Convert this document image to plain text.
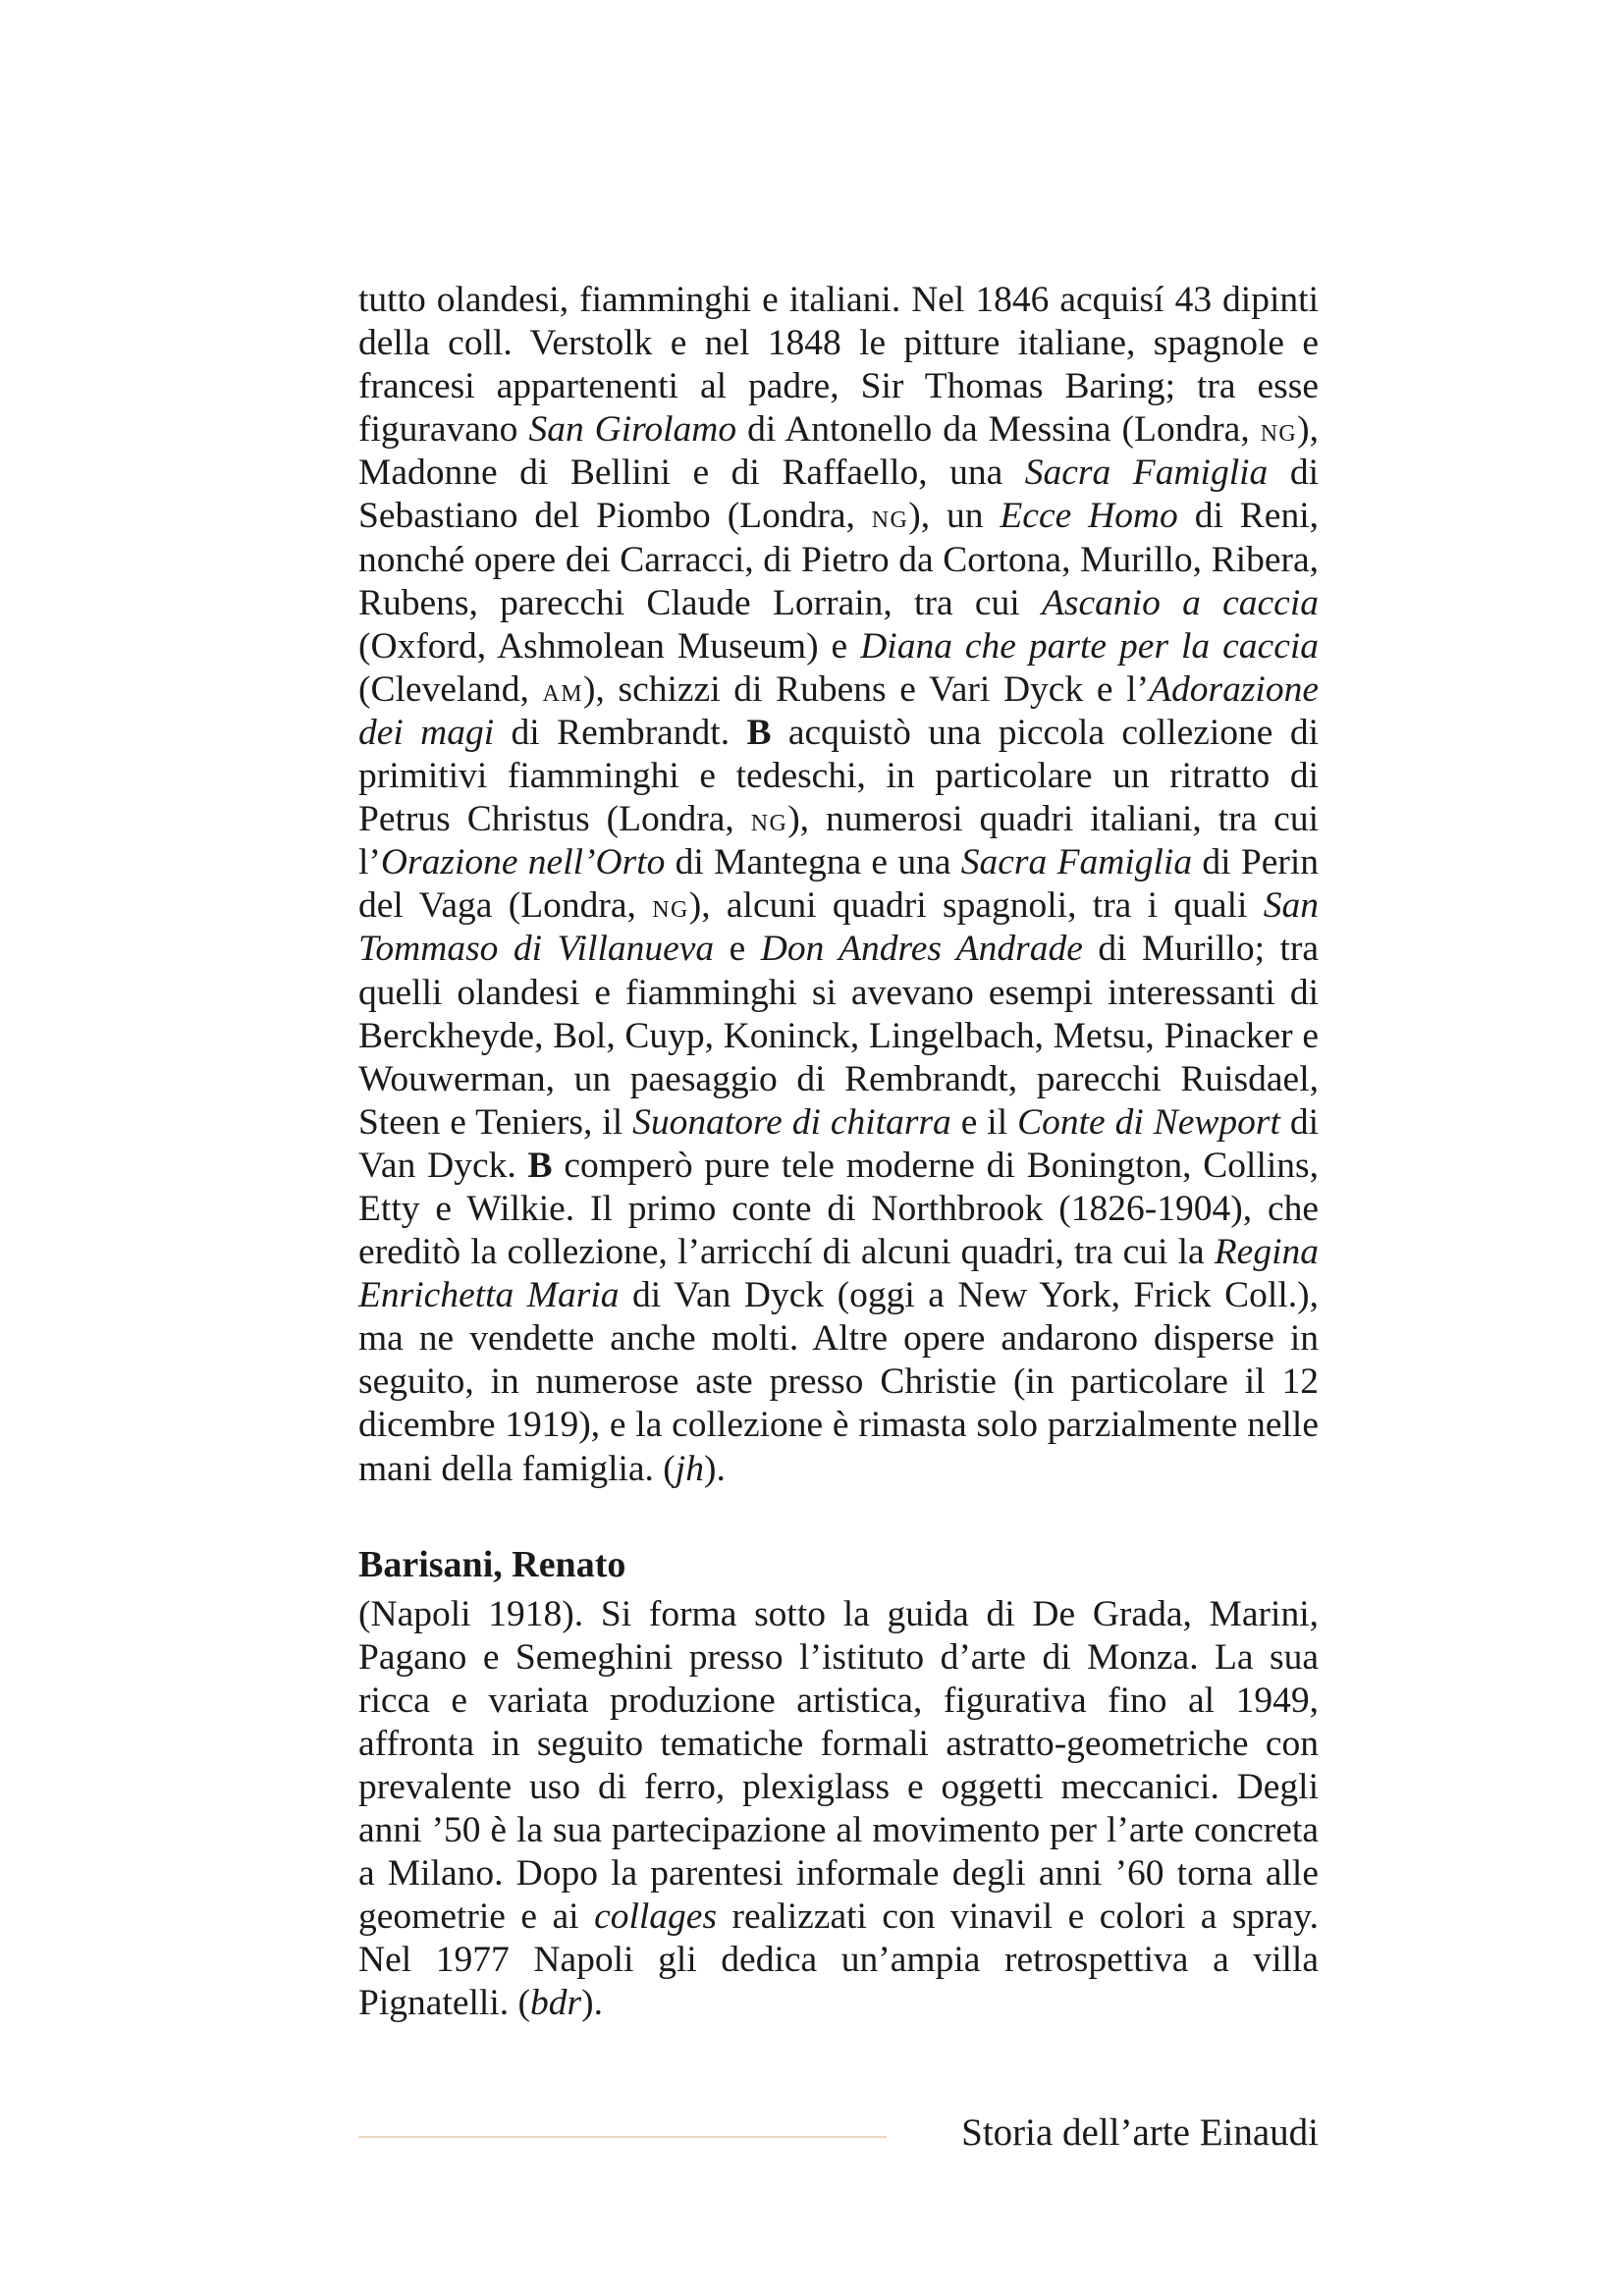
tutto olandesi, fiamminghi e italiani. Nel 1846 acquisí 43 dipinti della coll. Verstolk e nel 1848 le pitture italiane, spagnole e francesi appartenenti al padre, Sir Thomas Baring; tra esse figuravano San Girolamo di Antonello da Messina (Londra, ng), Madonne di Bellini e di Raffaello, una Sacra Famiglia di Sebastiano del Piombo (Londra, ng), un Ecce Homo di Reni, nonché opere dei Carracci, di Pietro da Cortona, Murillo, Ribera, Rubens, parecchi Claude Lorrain, tra cui Ascanio a caccia (Oxford, Ashmolean Museum) e Diana che parte per la caccia (Cleveland, am), schizzi di Rubens e Vari Dyck e l’Adorazione dei magi di Rembrandt. B acquistò una piccola collezione di primitivi fiamminghi e tedeschi, in particolare un ritratto di Petrus Christus (Londra, ng), numerosi quadri italiani, tra cui l’Orazione nell’Orto di Mantegna e una Sacra Famiglia di Perin del Vaga (Londra, ng), alcuni quadri spagnoli, tra i quali San Tommaso di Villanueva e Don Andres Andrade di Murillo; tra quelli olandesi e fiamminghi si avevano esempi interessanti di Berckheyde, Bol, Cuyp, Koninck, Lingelbach, Metsu, Pinacker e Wouwerman, un paesaggio di Rembrandt, parecchi Ruisdael, Steen e Teniers, il Suonatore di chitarra e il Conte di Newport di Van Dyck. B comperò pure tele moderne di Bonington, Collins, Etty e Wilkie. Il primo conte di Northbrook (1826-1904), che ereditò la collezione, l’arricchí di alcuni quadri, tra cui la Regina Enrichetta Maria di Van Dyck (oggi a New York, Frick Coll.), ma ne vendette anche molti. Altre opere andarono disperse in seguito, in numerose aste presso Christie (in particolare il 12 dicembre 1919), e la collezione è rimasta solo parzialmente nelle mani della famiglia. (jh).

Barisani, Renato

(Napoli 1918). Si forma sotto la guida di De Grada, Marini, Pagano e Semeghini presso l’istituto d’arte di Monza. La sua ricca e variata produzione artistica, figurativa fino al 1949, affronta in seguito tematiche formali astratto-geometriche con prevalente uso di ferro, plexiglass e oggetti meccanici. Degli anni ’50 è la sua partecipazione al movimento per l’arte concreta a Milano. Dopo la parentesi informale degli anni ’60 torna alle geometrie e ai collages realizzati con vinavil e colori a spray. Nel 1977 Napoli gli dedica un’ampia retrospettiva a villa Pignatelli. (bdr).

Storia dell’arte Einaudi
